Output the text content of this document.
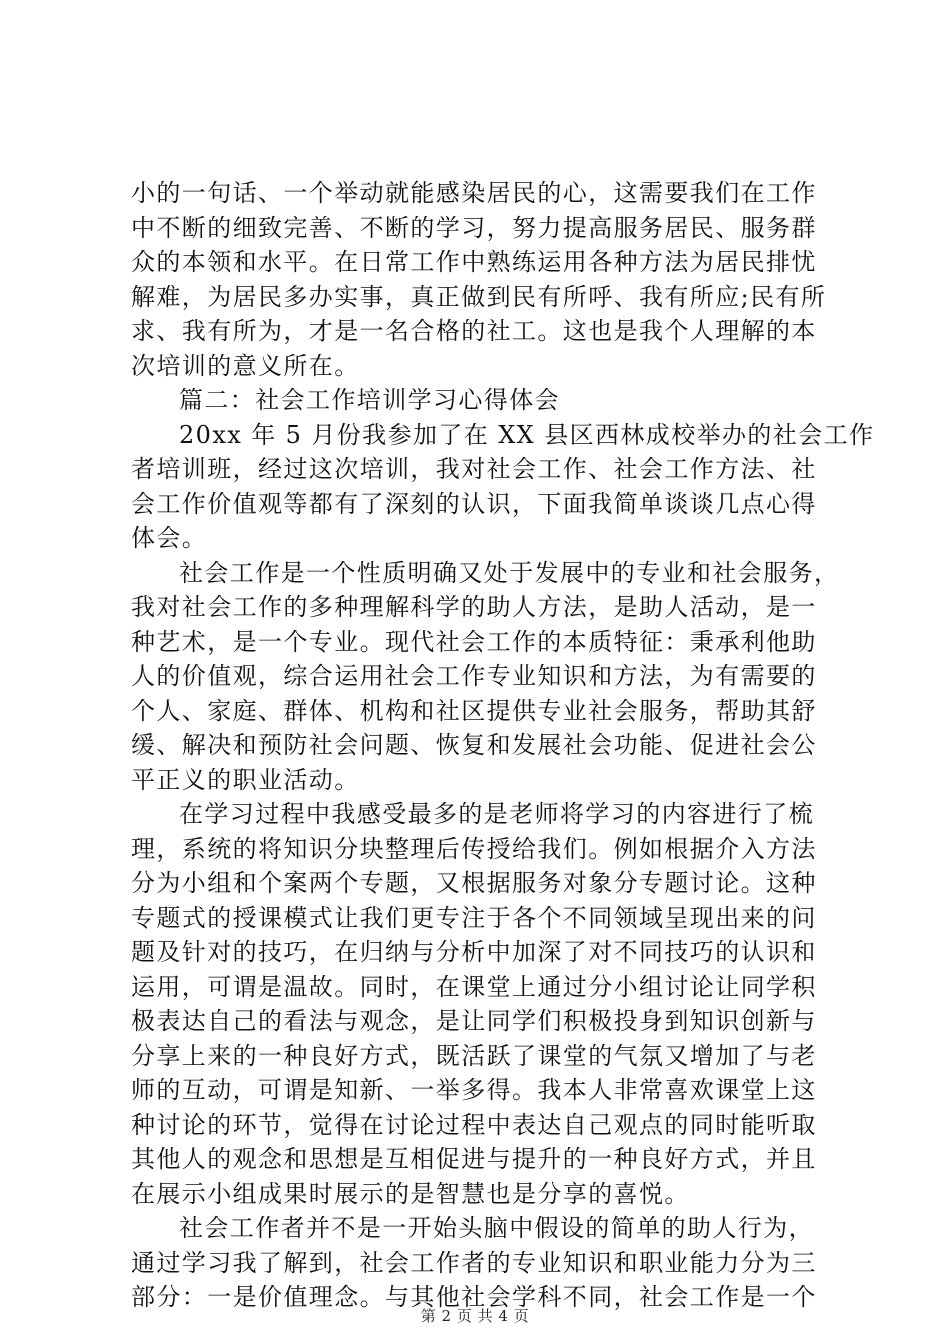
小的一句话、一个举动就能感染居民的心，这需要我们在工作
中不断的细致完善、不断的学习，努力提高服务居民、服务群
众的本领和水平。在日常工作中熟练运用各种方法为居民排忧
解难，为居民多办实事，真正做到民有所呼、我有所应;民有所
求、我有所为，才是一名合格的社工。这也是我个人理解的本
次培训的意义所在。
篇二：社会工作培训学习心得体会
20xx 年 5 月份我参加了在 XX 县区西林成校举办的社会工作
者培训班，经过这次培训，我对社会工作、社会工作方法、社
会工作价值观等都有了深刻的认识，下面我简单谈谈几点心得
体会。
社会工作是一个性质明确又处于发展中的专业和社会服务，
我对社会工作的多种理解科学的助人方法，是助人活动，是一
种艺术，是一个专业。现代社会工作的本质特征：秉承利他助
人的价值观，综合运用社会工作专业知识和方法，为有需要的
个人、家庭、群体、机构和社区提供专业社会服务，帮助其舒
缓、解决和预防社会问题、恢复和发展社会功能、促进社会公
平正义的职业活动。
在学习过程中我感受最多的是老师将学习的内容进行了梳
理，系统的将知识分块整理后传授给我们。例如根据介入方法
分为小组和个案两个专题，又根据服务对象分专题讨论。这种
专题式的授课模式让我们更专注于各个不同领域呈现出来的问
题及针对的技巧，在归纳与分析中加深了对不同技巧的认识和
运用，可谓是温故。同时，在课堂上通过分小组讨论让同学积
极表达自己的看法与观念，是让同学们积极投身到知识创新与
分享上来的一种良好方式，既活跃了课堂的气氛又增加了与老
师的互动，可谓是知新、一举多得。我本人非常喜欢课堂上这
种讨论的环节，觉得在讨论过程中表达自己观点的同时能听取
其他人的观念和思想是互相促进与提升的一种良好方式，并且
在展示小组成果时展示的是智慧也是分享的喜悦。
社会工作者并不是一开始头脑中假设的简单的助人行为，
通过学习我了解到，社会工作者的专业知识和职业能力分为三
部分：一是价值理念。与其他社会学科不同，社会工作是一个
第 2 页 共 4 页
